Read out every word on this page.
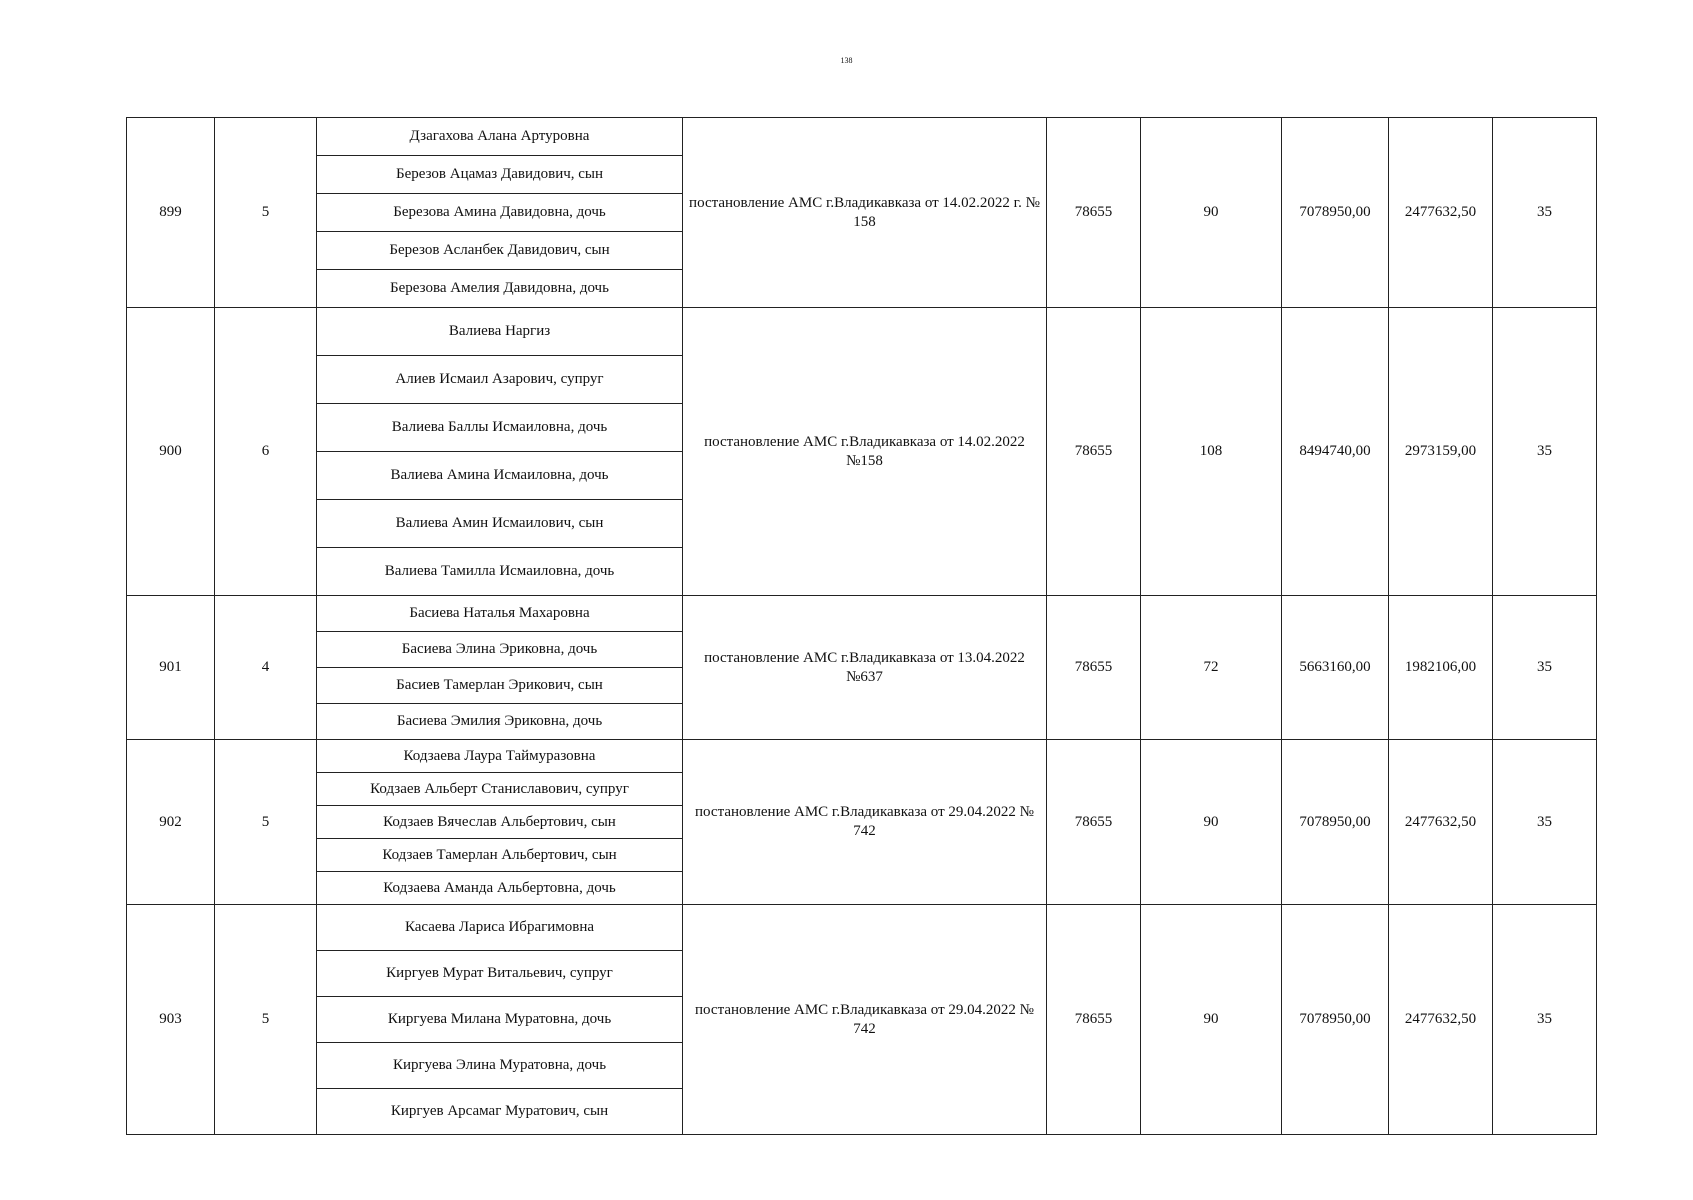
138
899	5	Дзагахова Алана Артуровна	постановление АМС г.Владикавказа от 14.02.2022 г. № 158	78655	90	7078950,00	2477632,50	35
		Березов Ацамаз Давидович, сын						
		Березова Амина Давидовна, дочь						
		Березов Асланбек Давидович, сын						
		Березова Амелия Давидовна, дочь						
900	6	Валиева Наргиз	постановление АМС г.Владикавказа от 14.02.2022 №158	78655	108	8494740,00	2973159,00	35
		Алиев Исмаил Азарович, супруг						
		Валиева Баллы Исмаиловна, дочь						
		Валиева Амина Исмаиловна, дочь						
		Валиева Амин Исмаилович, сын						
		Валиева Тамилла Исмаиловна, дочь						
901	4	Басиева Наталья Махаровна	постановление АМС г.Владикавказа от 13.04.2022 №637	78655	72	5663160,00	1982106,00	35
		Басиева Элина Эриковна, дочь						
		Басиев Тамерлан Эрикович, сын						
		Басиева Эмилия Эриковна, дочь						
902	5	Кодзаева Лаура Таймуразовна	постановление АМС г.Владикавказа от 29.04.2022 № 742	78655	90	7078950,00	2477632,50	35
		Кодзаев Альберт Станиславович, супруг						
		Кодзаев Вячеслав Альбертович, сын						
		Кодзаев Тамерлан Альбертович, сын						
		Кодзаева Аманда Альбертовна, дочь						
903	5	Касаева Лариса Ибрагимовна	постановление АМС г.Владикавказа от 29.04.2022 № 742	78655	90	7078950,00	2477632,50	35
		Киргуев Мурат Витальевич, супруг						
		Киргуева Милана Муратовна, дочь						
		Киргуева Элина Муратовна, дочь						
		Киргуев Арсамаг Муратович, сын						
